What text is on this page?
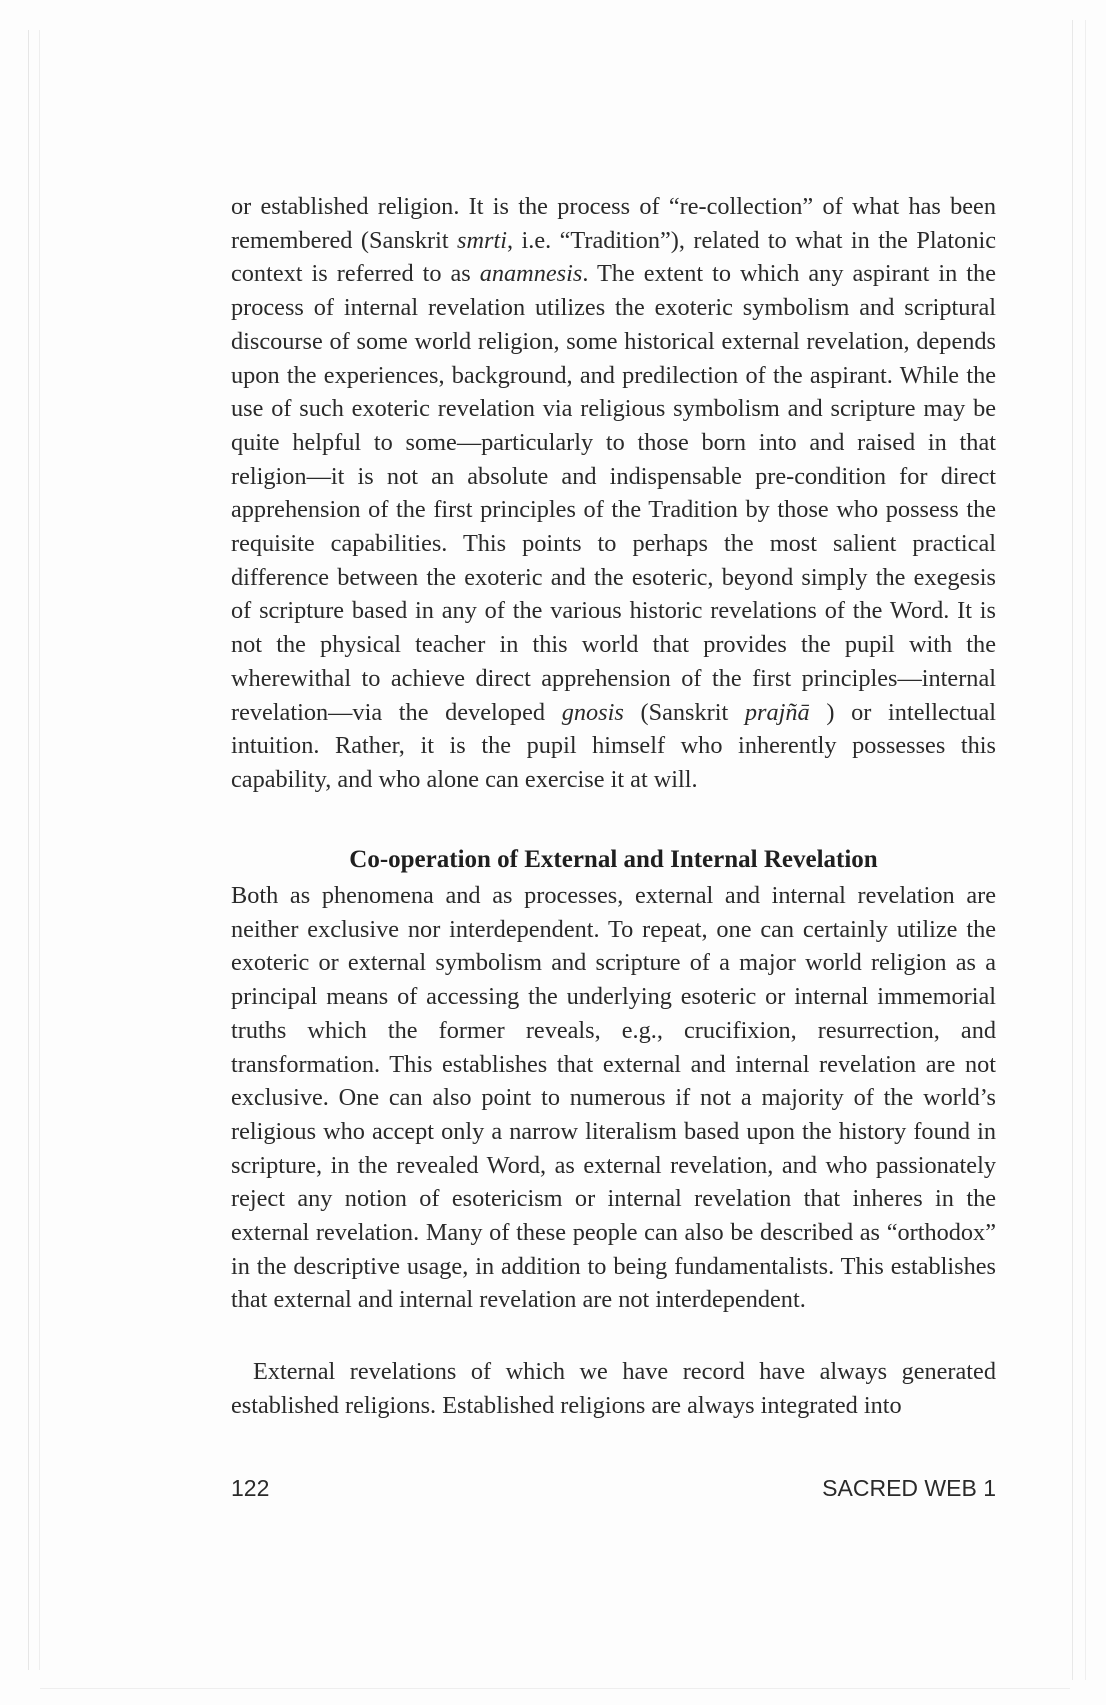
or established religion. It is the process of “re-collection” of what has been remembered (Sanskrit smrti, i.e. “Tradition”), related to what in the Platonic context is referred to as anamnesis. The extent to which any aspirant in the process of internal revelation utilizes the exoteric symbolism and scriptural discourse of some world religion, some historical external revelation, depends upon the experiences, background, and predilection of the aspirant. While the use of such exoteric revelation via religious symbolism and scripture may be quite helpful to some—particularly to those born into and raised in that religion—it is not an absolute and indispensable pre-condition for direct apprehension of the first principles of the Tradition by those who possess the requisite capabilities. This points to perhaps the most salient practical difference between the exoteric and the esoteric, beyond simply the exegesis of scripture based in any of the various historic revelations of the Word. It is not the physical teacher in this world that provides the pupil with the wherewithal to achieve direct apprehension of the first principles—internal revelation—via the developed gnosis (Sanskrit prajñā ) or intellectual intuition. Rather, it is the pupil himself who inherently possesses this capability, and who alone can exercise it at will.

Co-operation of External and Internal Revelation

Both as phenomena and as processes, external and internal revelation are neither exclusive nor interdependent. To repeat, one can certainly utilize the exoteric or external symbolism and scripture of a major world religion as a principal means of accessing the underlying esoteric or internal immemorial truths which the former reveals, e.g., crucifixion, resurrection, and transformation. This establishes that external and internal revelation are not exclusive. One can also point to numerous if not a majority of the world’s religious who accept only a narrow literalism based upon the history found in scripture, in the revealed Word, as external revelation, and who passionately reject any notion of esotericism or internal revelation that inheres in the external revelation. Many of these people can also be described as “orthodox” in the descriptive usage, in addition to being fundamentalists. This establishes that external and internal revelation are not interdependent.

External revelations of which we have record have always generated established religions. Established religions are always integrated into

122	SACRED WEB 1
